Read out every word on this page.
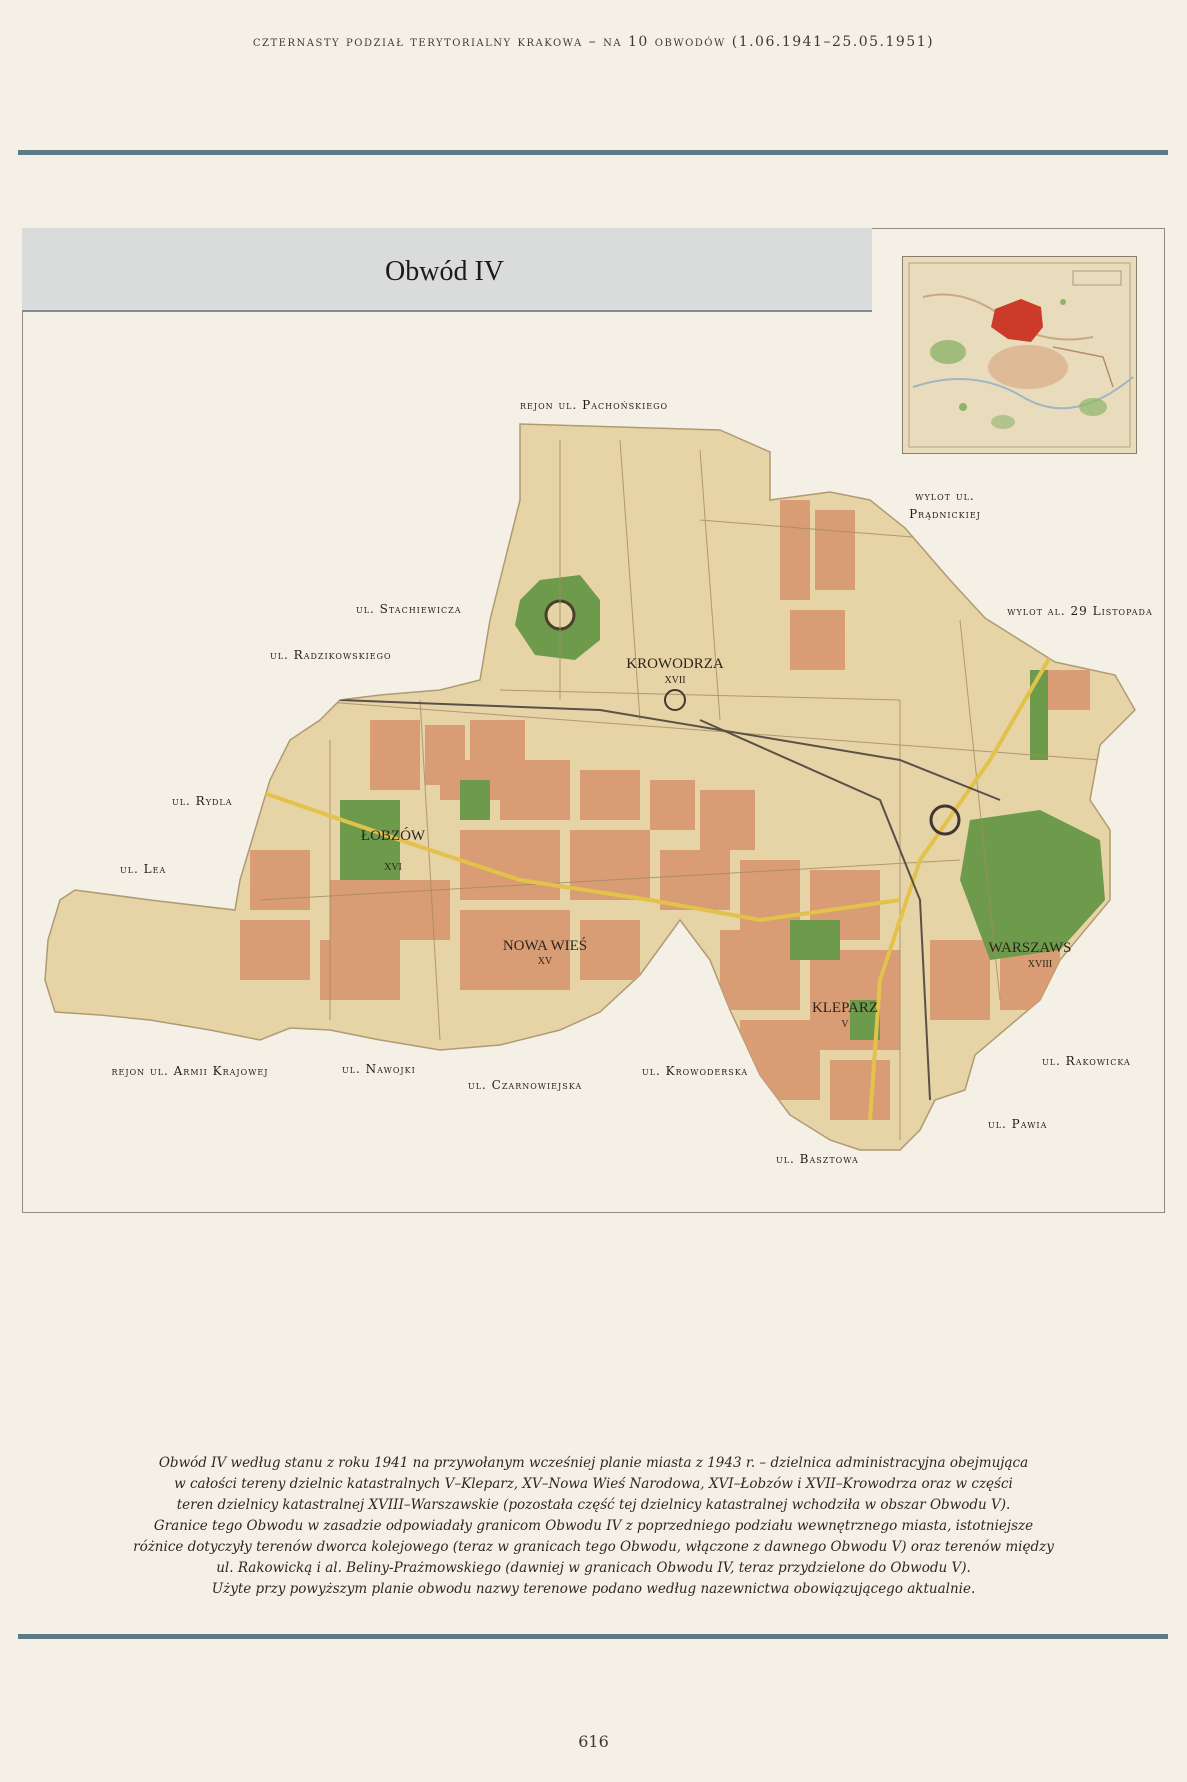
czternasty podział terytorialny krakowa – na 10 obwodów (1.06.1941–25.05.1951)
Obwód IV
KROWODRZA
XVII
ŁOBZÓW
XVI
NOWA WIEŚ
XV
KLEPARZ
V
WARSZAWS
XVIII
rejon ul. Pachońskiego
wylot ul. Prądnickiej
ul. Stachiewicza	wylot al. 29 Listopada
ul. Radzikowskiego
ul. Rydla
ul. Lea
rejon ul. Armii Krajowej	ul. Nawojki
ul. Czarnowiejska
ul. Krowoderska
ul. Rakowicka
ul. Pawia
ul. Basztowa

Obwód IV według stanu z roku 1941 na przywołanym wcześniej planie miasta z 1943 r. – dzielnica administracyjna obejmująca

w całości tereny dzielnic katastralnych V–Kleparz, XV–Nowa Wieś Narodowa, XVI–Łobzów i XVII–Krowodrza oraz w części

teren dzielnicy katastralnej XVIII–Warszawskie (pozostała część tej dzielnicy katastralnej wchodziła w obszar Obwodu V).

Granice tego Obwodu w zasadzie odpowiadały granicom Obwodu IV z poprzedniego podziału wewnętrznego miasta, istotniejsze

różnice dotyczyły terenów dworca kolejowego (teraz w granicach tego Obwodu, włączone z dawnego Obwodu V) oraz terenów między

ul. Rakowicką i al. Beliny-Prażmowskiego (dawniej w granicach Obwodu IV, teraz przydzielone do Obwodu V).

Użyte przy powyższym planie obwodu nazwy terenowe podano według nazewnictwa obowiązującego aktualnie.

616
